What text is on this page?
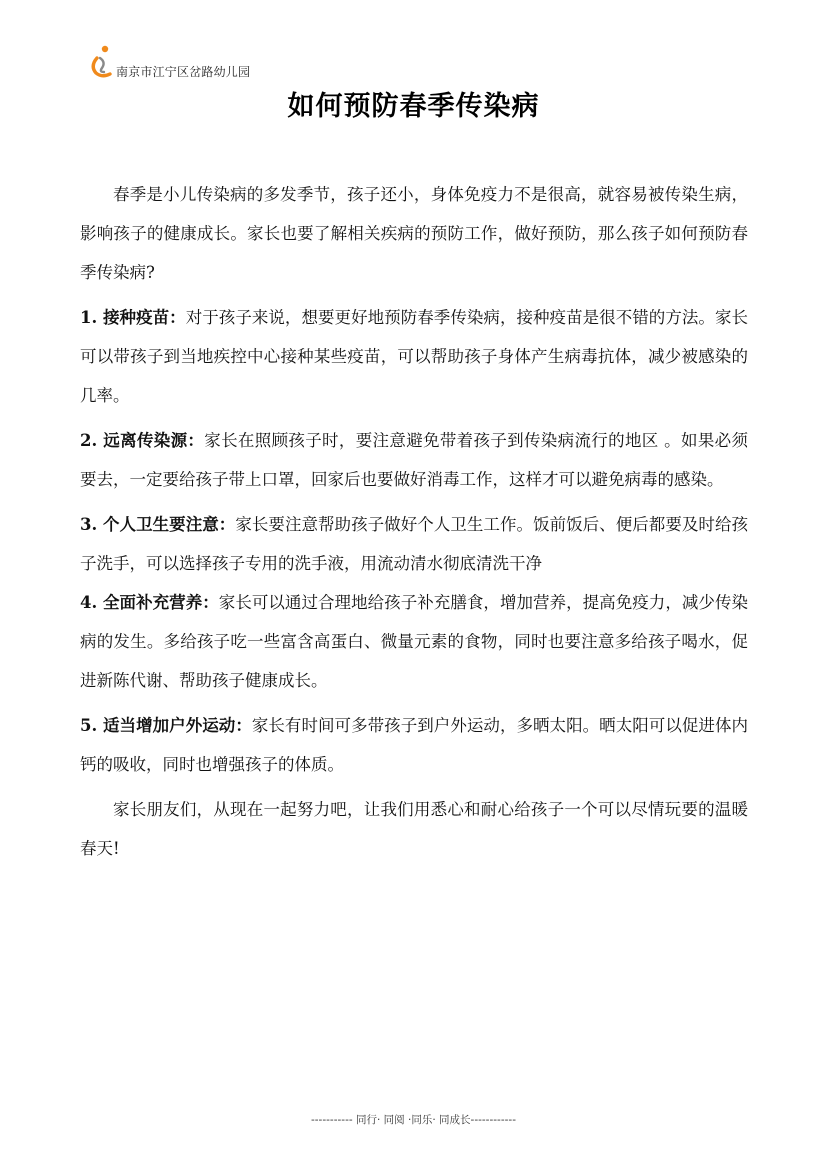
南京市江宁区岔路幼儿园
如何预防春季传染病

春季是小儿传染病的多发季节，孩子还小，身体免疫力不是很高，就容易被传染生病，影响孩子的健康成长。家长也要了解相关疾病的预防工作，做好预防，那么孩子如何预防春季传染病?

1. 接种疫苗：对于孩子来说，想要更好地预防春季传染病，接种疫苗是很不错的方法。家长可以带孩子到当地疾控中心接种某些疫苗，可以帮助孩子身体产生病毒抗体，减少被感染的几率。

2. 远离传染源：家长在照顾孩子时，要注意避免带着孩子到传染病流行的地区 。如果必须要去，一定要给孩子带上口罩，回家后也要做好消毒工作，这样才可以避免病毒的感染。

3. 个人卫生要注意：家长要注意帮助孩子做好个人卫生工作。饭前饭后、便后都要及时给孩子洗手，可以选择孩子专用的洗手液，用流动清水彻底清洗干净

4. 全面补充营养：家长可以通过合理地给孩子补充膳食，增加营养，提高免疫力，减少传染病的发生。多给孩子吃一些富含高蛋白、微量元素的食物，同时也要注意多给孩子喝水，促进新陈代谢、帮助孩子健康成长。

5. 适当增加户外运动：家长有时间可多带孩子到户外运动，多晒太阳。晒太阳可以促进体内钙的吸收，同时也增强孩子的体质。

家长朋友们，从现在一起努力吧，让我们用悉心和耐心给孩子一个可以尽情玩要的温暖春天!

----------- 同行· 同阅 ·同乐· 同成长------------
